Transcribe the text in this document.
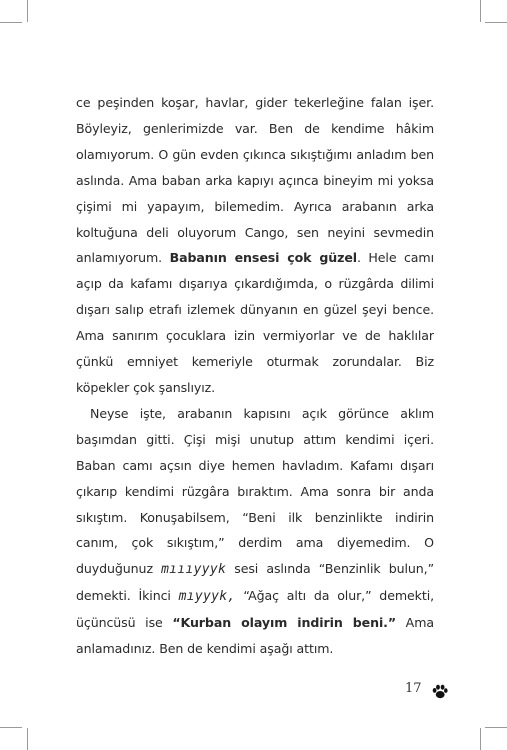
ce peşinden koşar, havlar, gider tekerleğine falan işer. Böyleyiz, genlerimizde var. Ben de kendime hâkim olamıyorum. O gün evden çıkınca sıkıştığımı anladım ben aslında. Ama baban arka kapıyı açınca bineyim mi yoksa çişimi mi yapayım, bilemedim. Ayrıca arabanın arka koltuğuna deli oluyorum Cango, sen neyini sevmedin anlamıyorum. Babanın ensesi çok güzel. Hele camı açıp da kafamı dışarıya çıkardığımda, o rüzgârda dilimi dışarı salıp etrafı izlemek dünyanın en güzel şeyi bence. Ama sanırım çocuklara izin vermiyorlar ve de haklılar çünkü emniyet kemeriyle oturmak zorundalar. Biz köpekler çok şanslıyız.

Neyse işte, arabanın kapısını açık görünce aklım başımdan gitti. Çişi mişi unutup attım kendimi içeri. Baban camı açsın diye hemen havladım. Kafamı dışarı çıkarıp kendimi rüzgâra bıraktım. Ama sonra bir anda sıkıştım. Konuşabilsem, “Beni ilk benzinlikte indirin canım, çok sıkıştım,” derdim ama diyemedim. O duyduğunuz mıııyyyk sesi aslında “Benzinlik bulun,” demekti. İkinci mıyyyk, “Ağaç altı da olur,” demekti, üçüncüsü ise “Kurban olayım indirin beni.” Ama anlamadınız. Ben de kendimi aşağı attım.

17
